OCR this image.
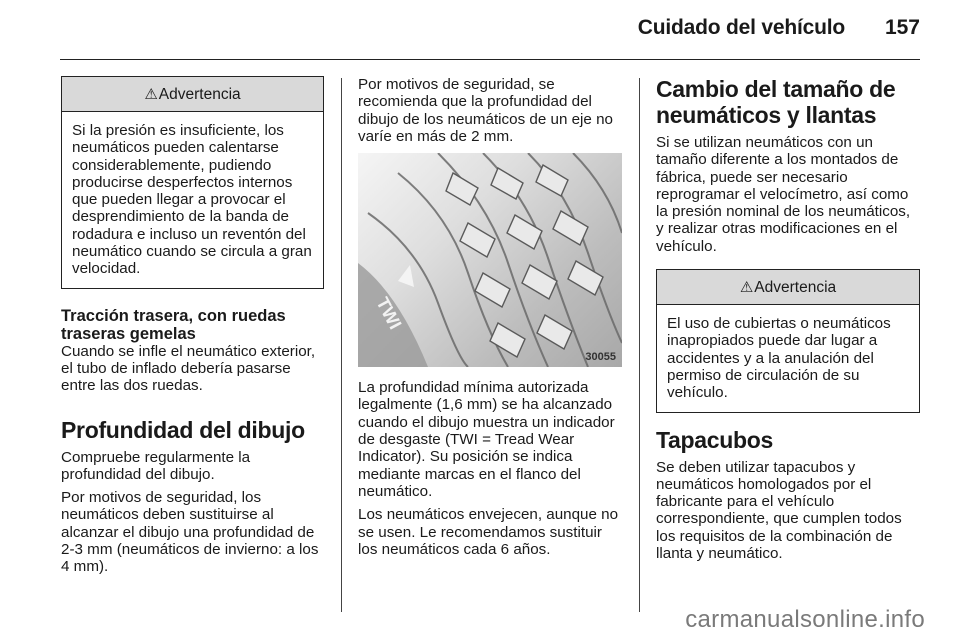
Cuidado del vehículo 157
⚠Advertencia
Si la presión es insuficiente, los neumáticos pueden calentarse considerablemente, pudiendo producirse desperfectos internos que pueden llegar a provocar el desprendimiento de la banda de rodadura e incluso un reventón del neumático cuando se circula a gran velocidad.
Tracción trasera, con ruedas traseras gemelas

Cuando se infle el neumático exterior, el tubo de inflado debería pasarse entre las dos ruedas.

Profundidad del dibujo

Compruebe regularmente la profundidad del dibujo.

Por motivos de seguridad, los neumáticos deben sustituirse al alcanzar el dibujo una profundidad de 2-3 mm (neumáticos de invierno: a los 4 mm).

Por motivos de seguridad, se recomienda que la profundidad del dibujo de los neumáticos de un eje no varíe en más de 2 mm.

TWI
30055

La profundidad mínima autorizada legalmente (1,6 mm) se ha alcanzado cuando el dibujo muestra un indicador de desgaste (TWI = Tread Wear Indicator). Su posición se indica mediante marcas en el flanco del neumático.

Los neumáticos envejecen, aunque no se usen. Le recomendamos sustituir los neumáticos cada 6 años.

Cambio del tamaño de neumáticos y llantas

Si se utilizan neumáticos con un tamaño diferente a los montados de fábrica, puede ser necesario reprogramar el velocímetro, así como la presión nominal de los neumáticos, y realizar otras modificaciones en el vehículo.

⚠Advertencia
El uso de cubiertas o neumáticos inapropiados puede dar lugar a accidentes y a la anulación del permiso de circulación de su vehículo.
Tapacubos

Se deben utilizar tapacubos y neumáticos homologados por el fabricante para el vehículo correspondiente, que cumplen todos los requisitos de la combinación de llanta y neumático.

carmanualsonline.info
